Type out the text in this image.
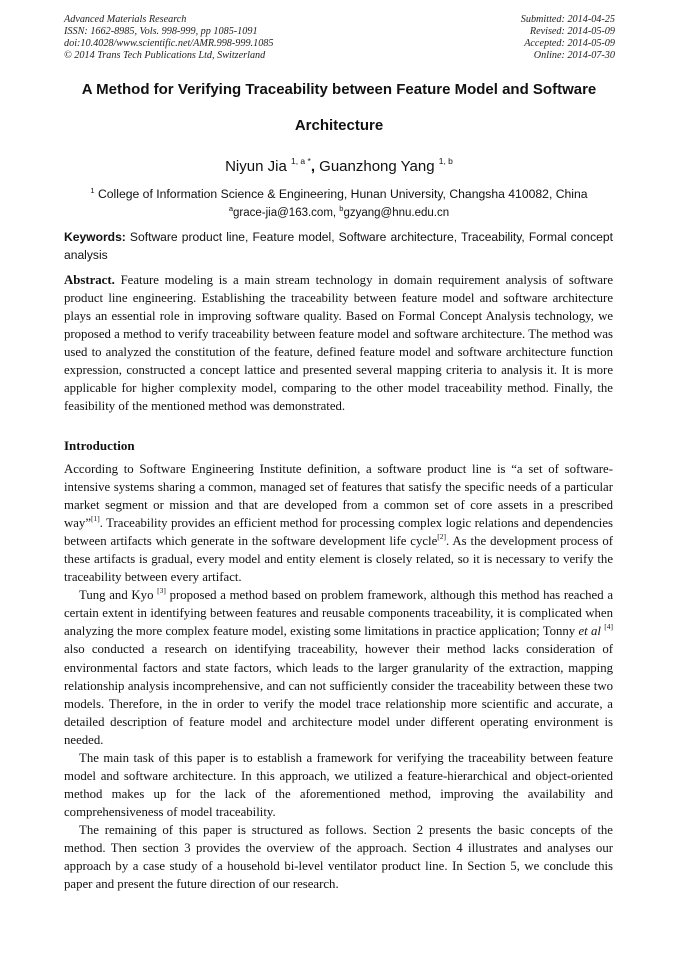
Advanced Materials Research
ISSN: 1662-8985, Vols. 998-999, pp 1085-1091
doi:10.4028/www.scientific.net/AMR.998-999.1085
© 2014 Trans Tech Publications Ltd, Switzerland
Submitted: 2014-04-25
Revised: 2014-05-09
Accepted: 2014-05-09
Online: 2014-07-30
A Method for Verifying Traceability between Feature Model and Software
Architecture
Niyun Jia $^{1, a *}$, Guanzhong Yang $^{1, b}$
$^1$ College of Information Science & Engineering, Hunan University, Changsha 410082, China
$^a$grace-jia@163.com, $^b$gzyang@hnu.edu.cn
Keywords: Software product line, Feature model, Software architecture, Traceability, Formal concept analysis
Abstract. Feature modeling is a main stream technology in domain requirement analysis of software product line engineering. Establishing the traceability between feature model and software architecture plays an essential role in improving software quality. Based on Formal Concept Analysis technology, we proposed a method to verify traceability between feature model and software architecture. The method was used to analyzed the constitution of the feature, defined feature model and software architecture function expression, constructed a concept lattice and presented several mapping criteria to analysis it. It is more applicable for higher complexity model, comparing to the other model traceability method. Finally, the feasibility of the mentioned method was demonstrated.
Introduction

According to Software Engineering Institute definition, a software product line is “a set of software-intensive systems sharing a common, managed set of features that satisfy the specific needs of a particular market segment or mission and that are developed from a common set of core assets in a prescribed way”[1]. Traceability provides an efficient method for processing complex logic relations and dependencies between artifacts which generate in the software development life cycle[2]. As the development process of these artifacts is gradual, every model and entity element is closely related, so it is necessary to verify the traceability between every artifact.

Tung and Kyo [3] proposed a method based on problem framework, although this method has reached a certain extent in identifying between features and reusable components traceability, it is complicated when analyzing the more complex feature model, existing some limitations in practice application; Tonny et al [4] also conducted a research on identifying traceability, however their method lacks consideration of environmental factors and state factors, which leads to the larger granularity of the extraction, mapping relationship analysis incomprehensive, and can not sufficiently consider the traceability between these two models. Therefore, in the in order to verify the model trace relationship more scientific and accurate, a detailed description of feature model and architecture model under different operating environment is needed.

The main task of this paper is to establish a framework for verifying the traceability between feature model and software architecture. In this approach, we utilized a feature-hierarchical and object-oriented method makes up for the lack of the aforementioned method, improving the availability and comprehensiveness of model traceability.

The remaining of this paper is structured as follows. Section 2 presents the basic concepts of the method. Then section 3 provides the overview of the approach. Section 4 illustrates and analyses our approach by a case study of a household bi-level ventilator product line. In Section 5, we conclude this paper and present the future direction of our research.
